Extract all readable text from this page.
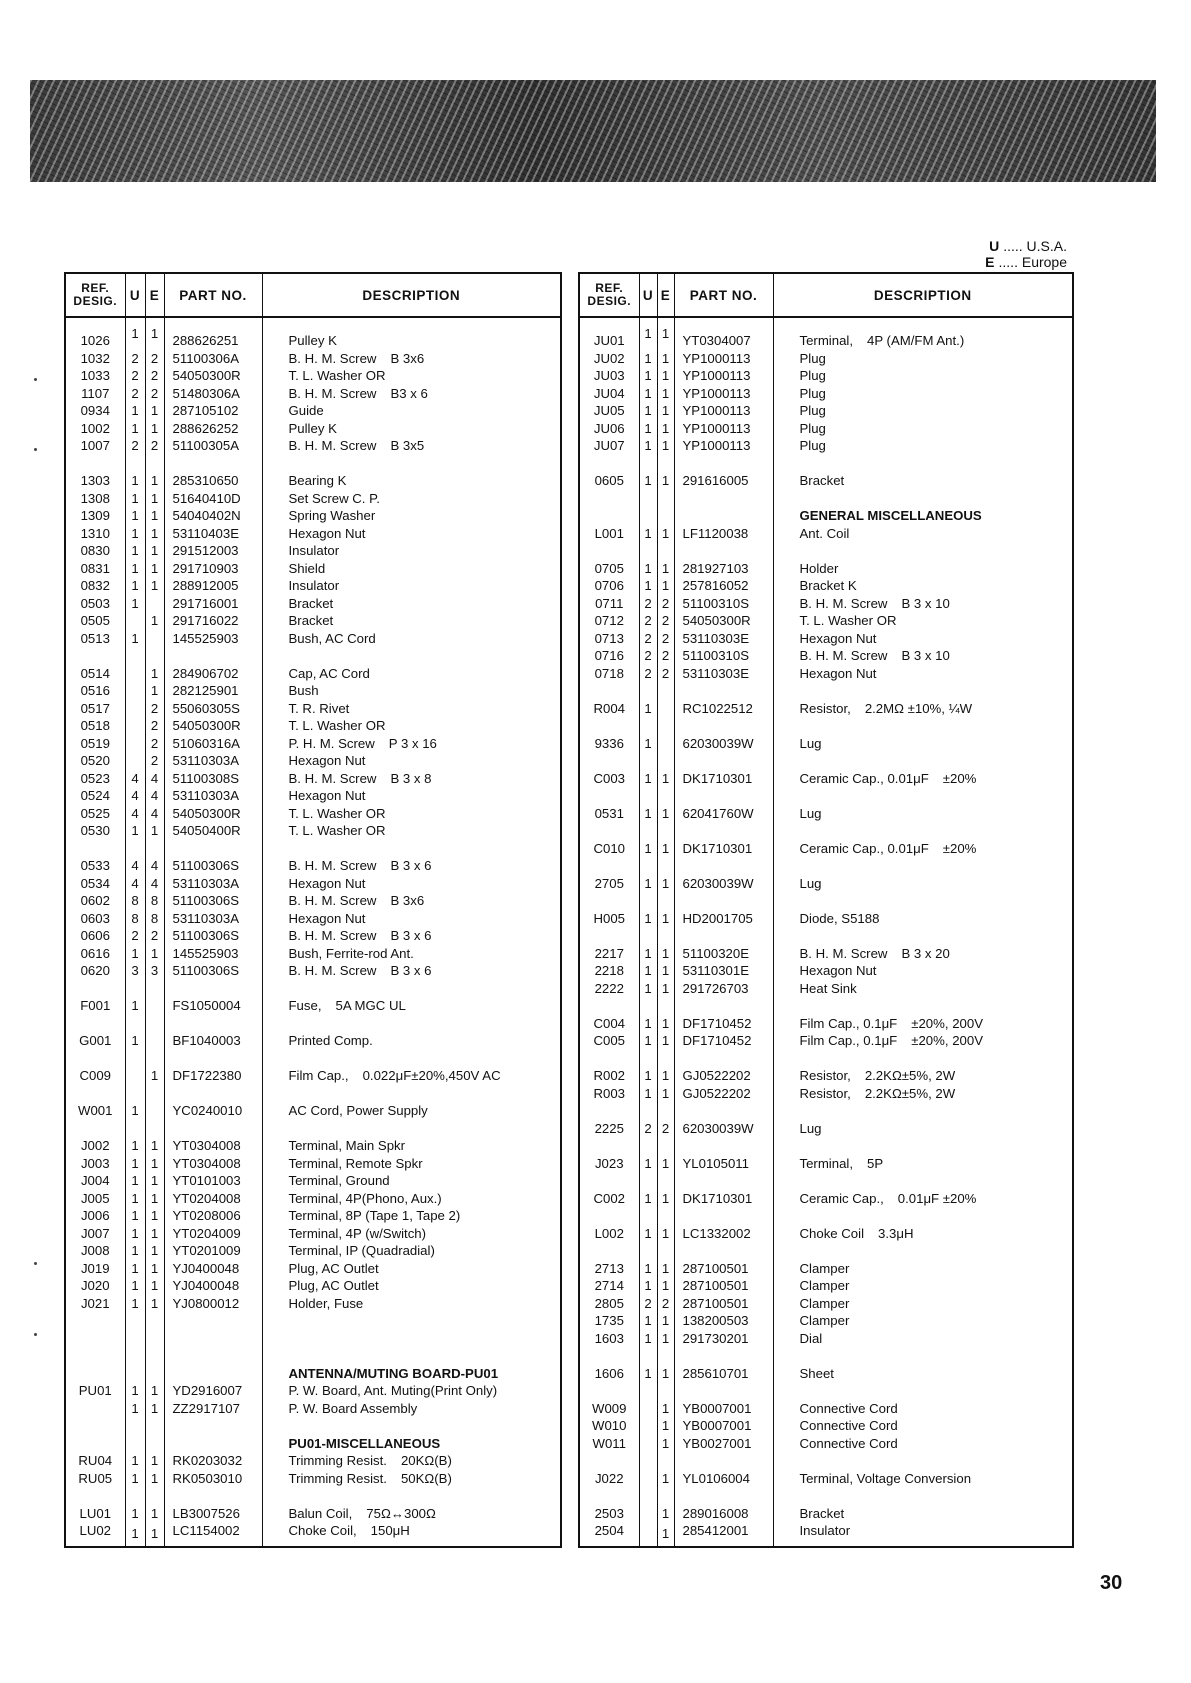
U ..... U.S.A.
E ..... Europe
REF. DESIG.	U	E	PART NO.	DESCRIPTION
1026	1	1	288626251	Pulley K
1032	2	2	51100306A	B. H. M. Screw B 3x6
1033	2	2	54050300R	T. L. Washer OR
1107	2	2	51480306A	B. H. M. Screw B3 x 6
0934	1	1	287105102	Guide
1002	1	1	288626252	Pulley K
1007	2	2	51100305A	B. H. M. Screw B 3x5

1303	1	1	285310650	Bearing K
1308	1	1	51640410D	Set Screw C. P.
1309	1	1	54040402N	Spring Washer
1310	1	1	53110403E	Hexagon Nut
0830	1	1	291512003	Insulator
0831	1	1	291710903	Shield
0832	1	1	288912005	Insulator
0503	1		291716001	Bracket
0505		1	291716022	Bracket
0513	1		145525903	Bush, AC Cord

0514		1	284906702	Cap, AC Cord
0516		1	282125901	Bush
0517		2	55060305S	T. R. Rivet
0518		2	54050300R	T. L. Washer OR
0519		2	51060316A	P. H. M. Screw P 3 x 16
0520		2	53110303A	Hexagon Nut
0523	4	4	51100308S	B. H. M. Screw B 3 x 8
0524	4	4	53110303A	Hexagon Nut
0525	4	4	54050300R	T. L. Washer OR
0530	1	1	54050400R	T. L. Washer OR

0533	4	4	51100306S	B. H. M. Screw B 3 x 6
0534	4	4	53110303A	Hexagon Nut
0602	8	8	51100306S	B. H. M. Screw B 3x6
0603	8	8	53110303A	Hexagon Nut
0606	2	2	51100306S	B. H. M. Screw B 3 x 6
0616	1	1	145525903	Bush, Ferrite-rod Ant.
0620	3	3	51100306S	B. H. M. Screw B 3 x 6

F001	1		FS1050004	Fuse, 5A MGC UL

G001	1		BF1040003	Printed Comp.

C009		1	DF1722380	Film Cap., 0.022μF±20%,450V AC

W001	1		YC0240010	AC Cord, Power Supply

J002	1	1	YT0304008	Terminal, Main Spkr
J003	1	1	YT0304008	Terminal, Remote Spkr
J004	1	1	YT0101003	Terminal, Ground
J005	1	1	YT0204008	Terminal, 4P(Phono, Aux.)
J006	1	1	YT0208006	Terminal, 8P (Tape 1, Tape 2)
J007	1	1	YT0204009	Terminal, 4P (w/Switch)
J008	1	1	YT0201009	Terminal, IP (Quadradial)
J019	1	1	YJ0400048	Plug, AC Outlet
J020	1	1	YJ0400048	Plug, AC Outlet
J021	1	1	YJ0800012	Holder, Fuse

				ANTENNA/MUTING BOARD-PU01
PU01	1	1	YD2916007	P. W. Board, Ant. Muting(Print Only)
	1	1	ZZ2917107	P. W. Board Assembly

				PU01-MISCELLANEOUS
RU04	1	1	RK0203032	Trimming Resist. 20KΩ(B)
RU05	1	1	RK0503010	Trimming Resist. 50KΩ(B)

LU01	1	1	LB3007526	Balun Coil, 75Ω↔300Ω
LU02	1	1	LC1154002	Choke Coil, 150μH
REF. DESIG.	U	E	PART NO.	DESCRIPTION
JU01	1	1	YT0304007	Terminal, 4P (AM/FM Ant.)
JU02	1	1	YP1000113	Plug
JU03	1	1	YP1000113	Plug
JU04	1	1	YP1000113	Plug
JU05	1	1	YP1000113	Plug
JU06	1	1	YP1000113	Plug
JU07	1	1	YP1000113	Plug

0605	1	1	291616005	Bracket

				GENERAL MISCELLANEOUS
L001	1	1	LF1120038	Ant. Coil

0705	1	1	281927103	Holder
0706	1	1	257816052	Bracket K
0711	2	2	51100310S	B. H. M. Screw B 3 x 10
0712	2	2	54050300R	T. L. Washer OR
0713	2	2	53110303E	Hexagon Nut
0716	2	2	51100310S	B. H. M. Screw B 3 x 10
0718	2	2	53110303E	Hexagon Nut

R004	1		RC1022512	Resistor, 2.2MΩ ±10%, ¼W

9336	1		62030039W	Lug

C003	1	1	DK1710301	Ceramic Cap., 0.01μF ±20%

0531	1	1	62041760W	Lug

C010	1	1	DK1710301	Ceramic Cap., 0.01μF ±20%

2705	1	1	62030039W	Lug

H005	1	1	HD2001705	Diode, S5188

2217	1	1	51100320E	B. H. M. Screw B 3 x 20
2218	1	1	53110301E	Hexagon Nut
2222	1	1	291726703	Heat Sink

C004	1	1	DF1710452	Film Cap., 0.1μF ±20%, 200V
C005	1	1	DF1710452	Film Cap., 0.1μF ±20%, 200V

R002	1	1	GJ0522202	Resistor, 2.2KΩ±5%, 2W
R003	1	1	GJ0522202	Resistor, 2.2KΩ±5%, 2W

2225	2	2	62030039W	Lug

J023	1	1	YL0105011	Terminal, 5P

C002	1	1	DK1710301	Ceramic Cap., 0.01μF ±20%

L002	1	1	LC1332002	Choke Coil 3.3μH

2713	1	1	287100501	Clamper
2714	1	1	287100501	Clamper
2805	2	2	287100501	Clamper
1735	1	1	138200503	Clamper
1603	1	1	291730201	Dial

1606	1	1	285610701	Sheet

W009		1	YB0007001	Connective Cord
W010		1	YB0007001	Connective Cord
W011		1	YB0027001	Connective Cord

J022		1	YL0106004	Terminal, Voltage Conversion

2503		1	289016008	Bracket
2504		1	285412001	Insulator
30
